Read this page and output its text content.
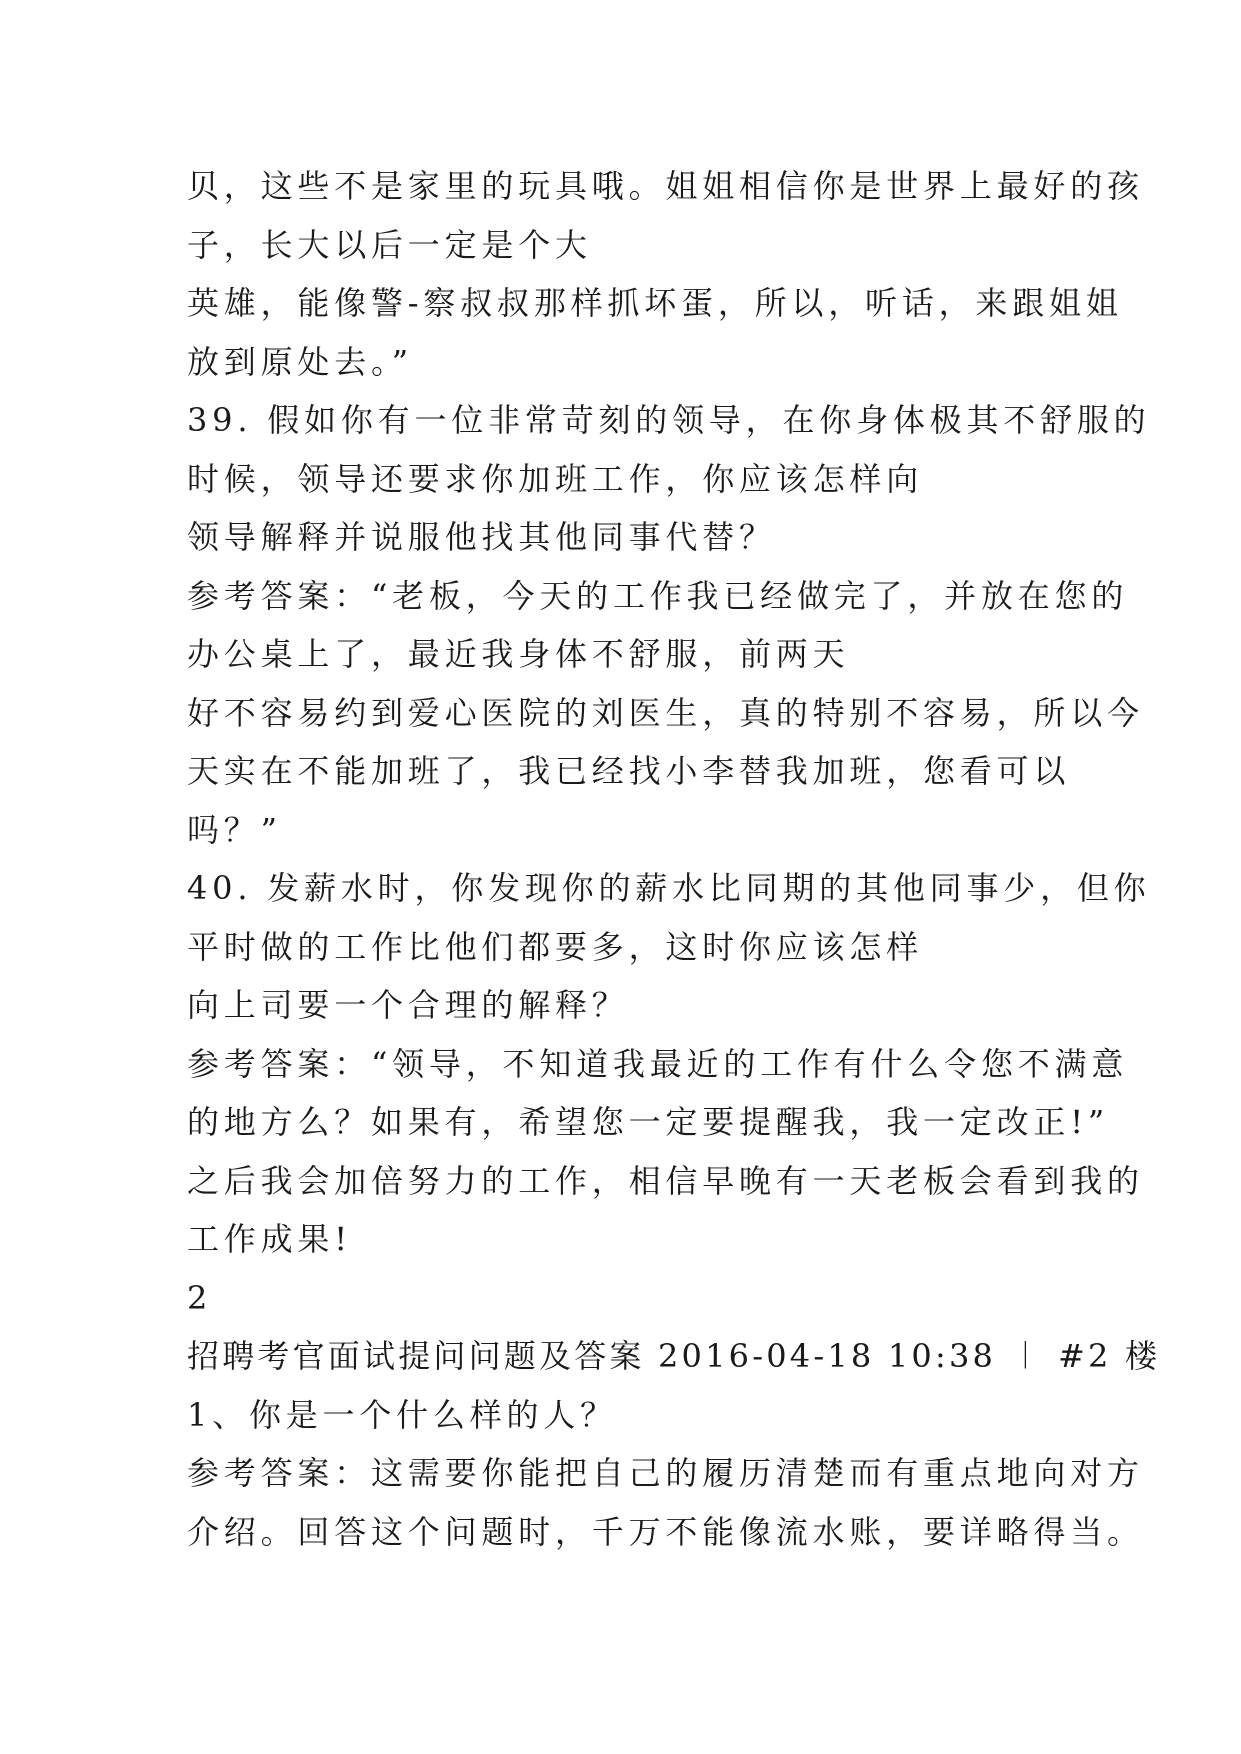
贝，这些不是家里的玩具哦。姐姐相信你是世界上最好的孩
子，长大以后一定是个大
英雄，能像警-察叔叔那样抓坏蛋，所以，听话，来跟姐姐
放到原处去。”
39. 假如你有一位非常苛刻的领导，在你身体极其不舒服的
时候，领导还要求你加班工作，你应该怎样向
领导解释并说服他找其他同事代替？
参考答案：“老板，今天的工作我已经做完了，并放在您的
办公桌上了，最近我身体不舒服，前两天
好不容易约到爱心医院的刘医生，真的特别不容易，所以今
天实在不能加班了，我已经找小李替我加班，您看可以
吗？”
40. 发薪水时，你发现你的薪水比同期的其他同事少，但你
平时做的工作比他们都要多，这时你应该怎样
向上司要一个合理的解释？
参考答案：“领导，不知道我最近的工作有什么令您不满意
的地方么？如果有，希望您一定要提醒我，我一定改正!”
之后我会加倍努力的工作，相信早晚有一天老板会看到我的
工作成果!
2
招聘考官面试提问问题及答案 2016-04-18 10:38 ︱ #2 楼
1、你是一个什么样的人？
参考答案：这需要你能把自己的履历清楚而有重点地向对方
介绍。回答这个问题时，千万不能像流水账，要详略得当。
